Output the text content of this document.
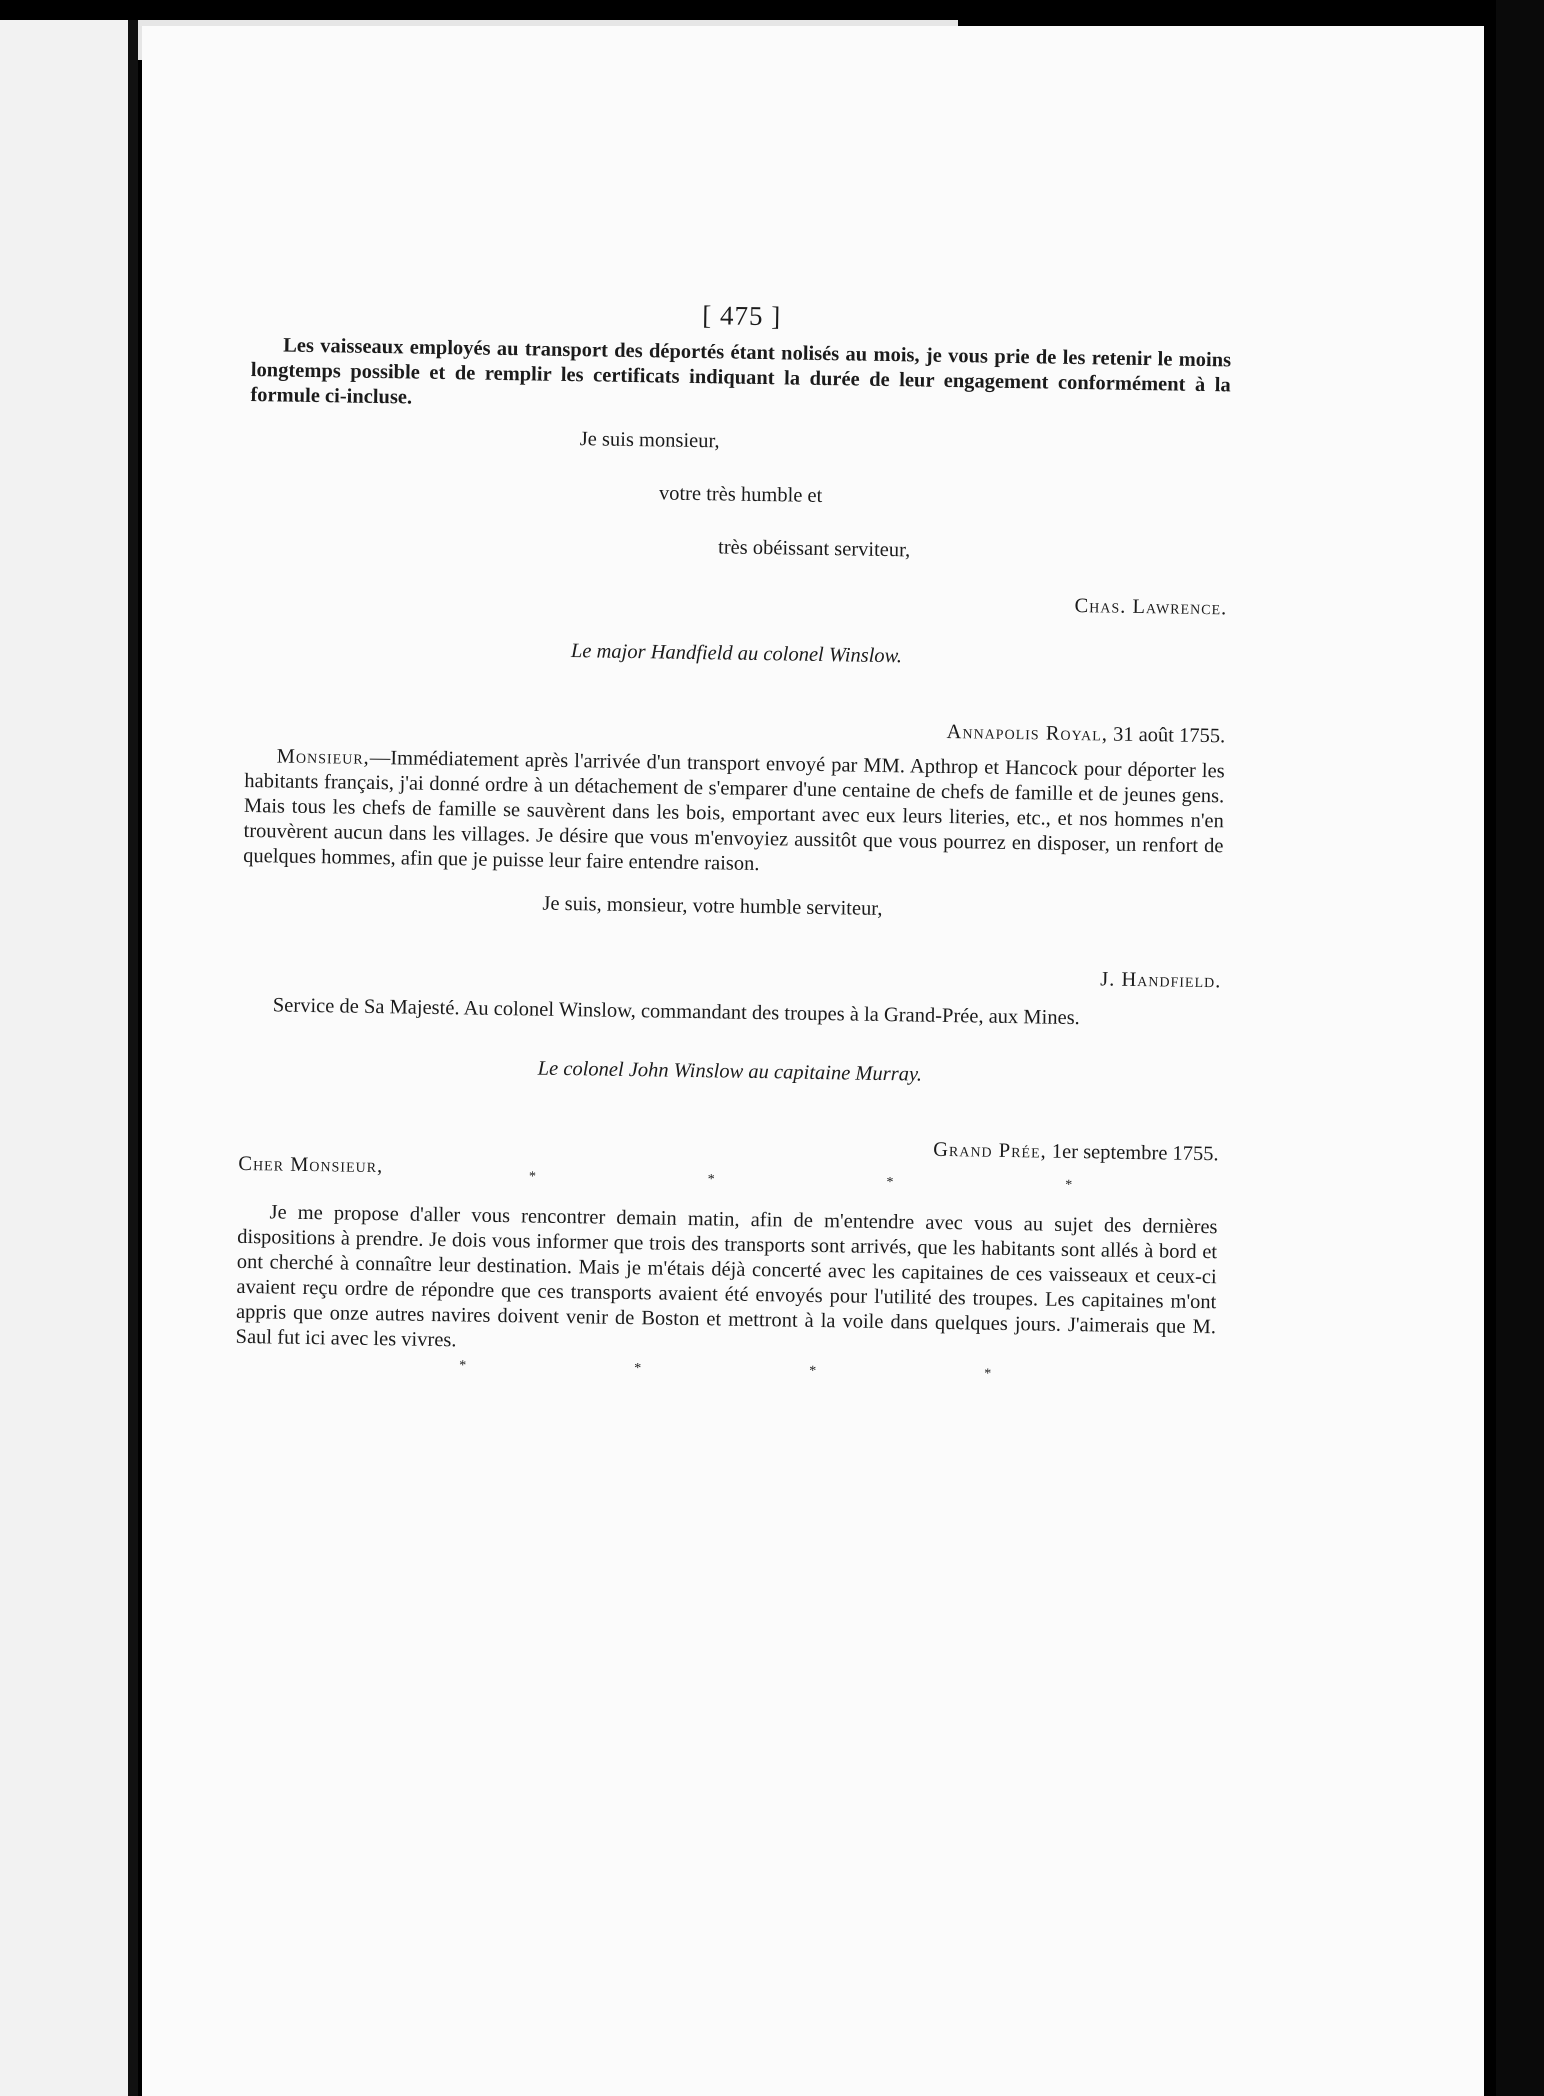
[ 475 ]

Les vaisseaux employés au transport des déportés étant nolisés au mois, je vous prie de les retenir le moins longtemps possible et de remplir les certificats indiquant la durée de leur engagement conformément à la formule ci-incluse.

Je suis monsieur,
votre très humble et
très obéissant serviteur,
Chas. Lawrence.
Le major Handfield au colonel Winslow.
Annapolis Royal, 31 août 1755.

Monsieur,—Immédiatement après l'arrivée d'un transport envoyé par MM. Apthrop et Hancock pour déporter les habitants français, j'ai donné ordre à un détachement de s'emparer d'une centaine de chefs de famille et de jeunes gens. Mais tous les chefs de famille se sauvèrent dans les bois, emportant avec eux leurs literies, etc., et nos hommes n'en trouvèrent aucun dans les villages. Je désire que vous m'envoyiez aussitôt que vous pourrez en disposer, un renfort de quelques hommes, afin que je puisse leur faire entendre raison.

Je suis, monsieur, votre humble serviteur,
J. Handfield.

Service de Sa Majesté. Au colonel Winslow, commandant des troupes à la Grand-Prée, aux Mines.

Le colonel John Winslow au capitaine Murray.
Grand Prée, 1er septembre 1755.
Cher Monsieur,	*	*	*	*

Je me propose d'aller vous rencontrer demain matin, afin de m'entendre avec vous au sujet des dernières dispositions à prendre. Je dois vous informer que trois des transports sont arrivés, que les habitants sont allés à bord et ont cherché à connaître leur destination. Mais je m'étais déjà concerté avec les capitaines de ces vaisseaux et ceux-ci avaient reçu ordre de répondre que ces transports avaient été envoyés pour l'utilité des troupes. Les capitaines m'ont appris que onze autres navires doivent venir de Boston et mettront à la voile dans quelques jours. J'aimerais que M. Saul fut ici avec les vivres.

*	*	*	*
